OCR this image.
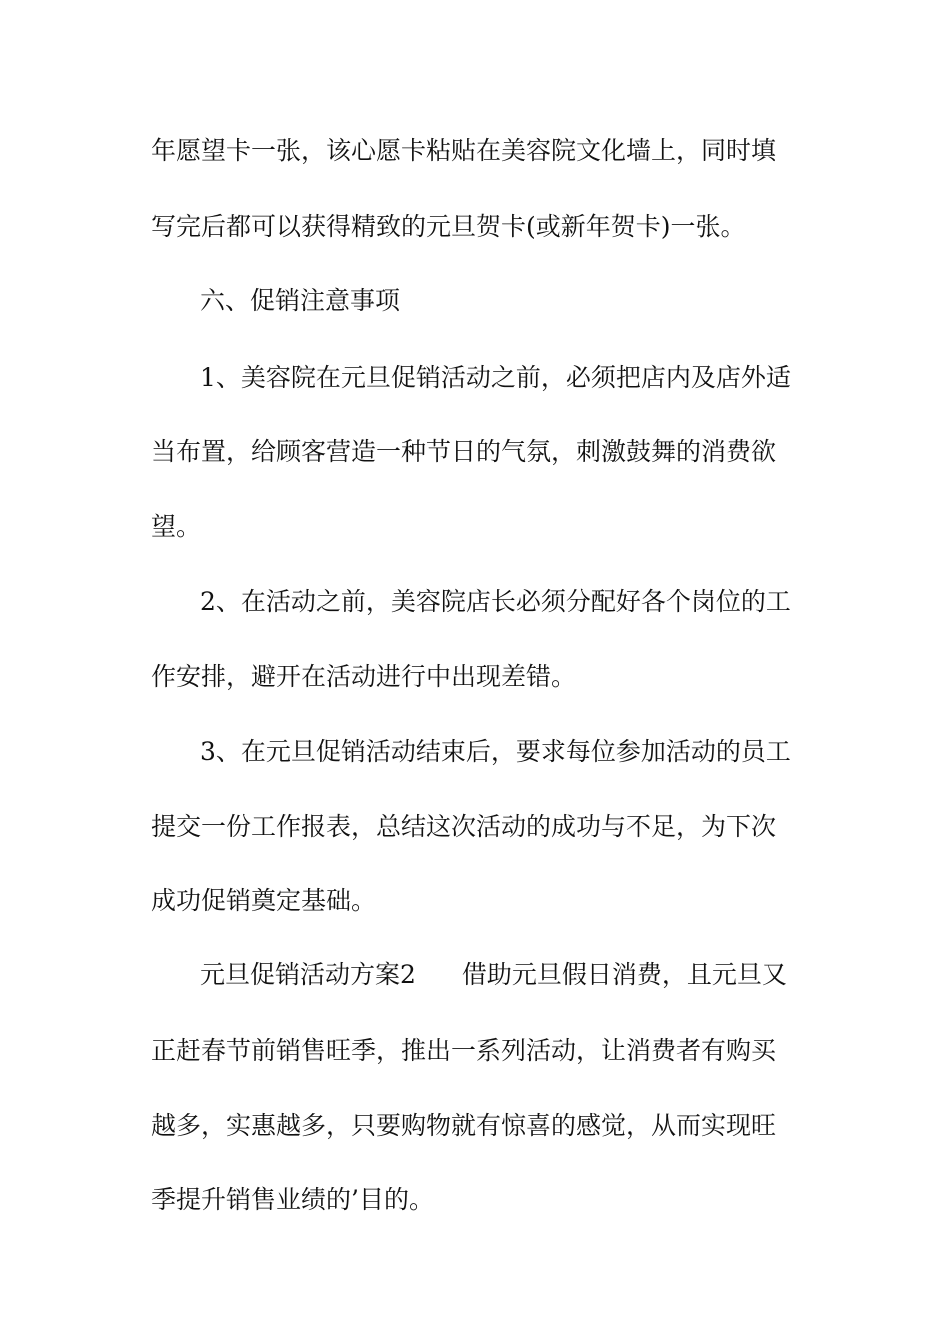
年愿望卡一张，该心愿卡粘贴在美容院文化墙上，同时填

写完后都可以获得精致的元旦贺卡(或新年贺卡)一张。

六、促销注意事项

1、美容院在元旦促销活动之前，必须把店内及店外适

当布置，给顾客营造一种节日的气氛，刺激鼓舞的消费欲

望。

2、在活动之前，美容院店长必须分配好各个岗位的工

作安排，避开在活动进行中出现差错。

3、在元旦促销活动结束后，要求每位参加活动的员工

提交一份工作报表，总结这次活动的成功与不足，为下次

成功促销奠定基础。

元旦促销活动方案2 借助元旦假日消费，且元旦又

正赶春节前销售旺季，推出一系列活动，让消费者有购买

越多，实惠越多，只要购物就有惊喜的感觉，从而实现旺

季提升销售业绩的’目的。
